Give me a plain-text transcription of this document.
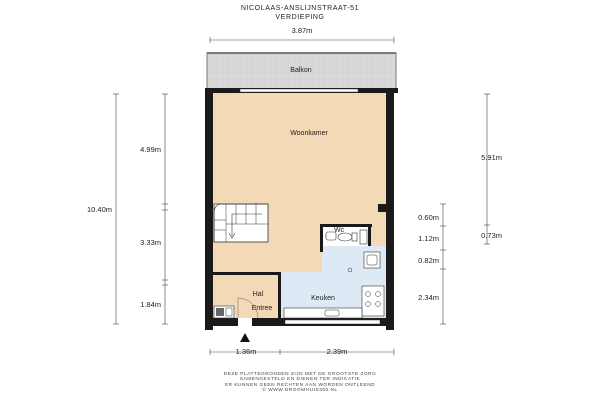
NICOLAAS-ANSLIJNSTRAAT-51
VERDIEPING
Balkon
Woonkamer
Wc
Hal
Entree
Keuken
3.87m
10.40m
4.99m
3.33m
1.84m
5.91m
0.60m
0.73m
1.12m
0.82m
2.34m
1.36m	2.39m
DEZE PLATTEGRONDEN ZIJN MET DE GROOTSTE ZORG
SAMENGESTELD EN DIENEN TER INDICATIE
ER KUNNEN GEEN RECHTEN AAN WORDEN ONTLEEND
© WWW.DROOMHUIS360.NL
